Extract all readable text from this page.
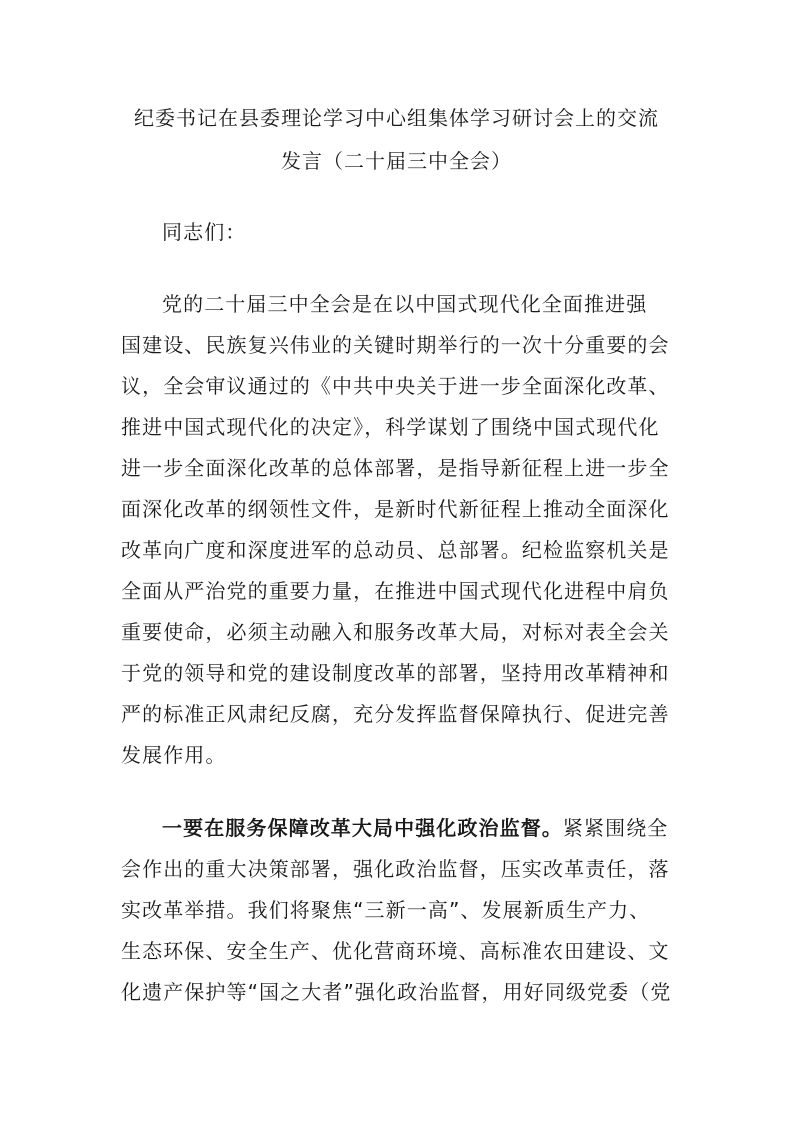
纪委书记在县委理论学习中心组集体学习研讨会上的交流
发言（二十届三中全会）

同志们：

党的二十届三中全会是在以中国式现代化全面推进强

国建设、民族复兴伟业的关键时期举行的一次十分重要的会

议，全会审议通过的《中共中央关于进一步全面深化改革、

推进中国式现代化的决定》，科学谋划了围绕中国式现代化

进一步全面深化改革的总体部署，是指导新征程上进一步全

面深化改革的纲领性文件，是新时代新征程上推动全面深化

改革向广度和深度进军的总动员、总部署。纪检监察机关是

全面从严治党的重要力量，在推进中国式现代化进程中肩负

重要使命，必须主动融入和服务改革大局，对标对表全会关

于党的领导和党的建设制度改革的部署，坚持用改革精神和

严的标准正风肃纪反腐，充分发挥监督保障执行、促进完善

发展作用。

一要在服务保障改革大局中强化政治监督。紧紧围绕全

会作出的重大决策部署，强化政治监督，压实改革责任，落

实改革举措。我们将聚焦“三新一高”、发展新质生产力、

生态环保、安全生产、优化营商环境、高标准农田建设、文

化遗产保护等“国之大者”强化政治监督，用好同级党委（党
